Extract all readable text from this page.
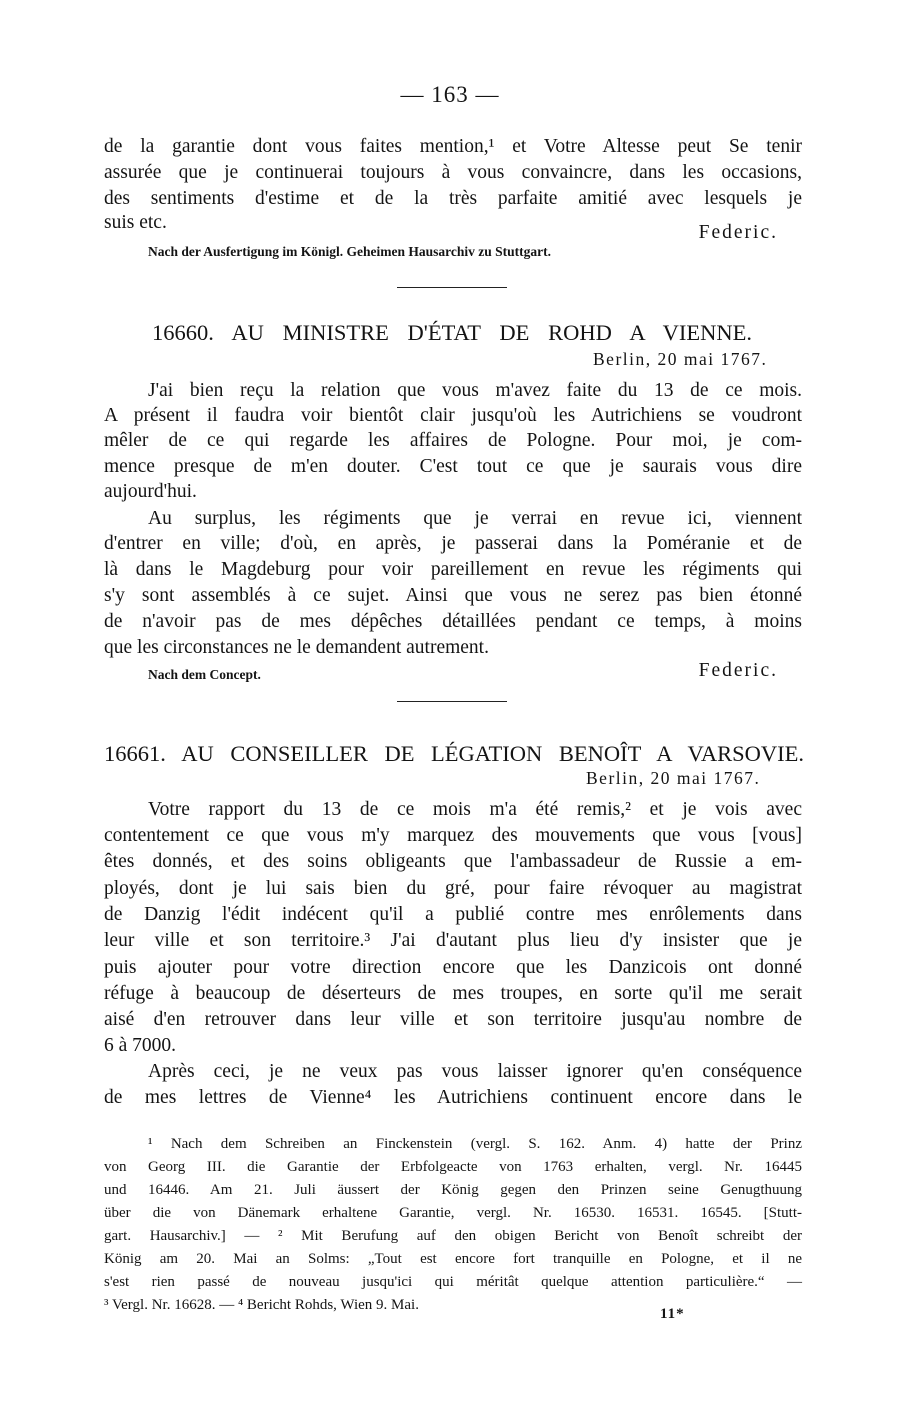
— 163 —
de la garantie dont vous faites mention,¹ et Votre Altesse peut Se tenir
assurée que je continuerai toujours à vous convaincre, dans les occasions,
des sentiments d'estime et de la très parfaite amitié avec lesquels je
suis etc.	Federic.
Nach der Ausfertigung im Königl. Geheimen Hausarchiv zu Stuttgart.
16660. AU MINISTRE D'ÉTAT DE ROHD A VIENNE.
Berlin, 20 mai 1767.
J'ai bien reçu la relation que vous m'avez faite du 13 de ce mois.
A présent il faudra voir bientôt clair jusqu'où les Autrichiens se voudront
mêler de ce qui regarde les affaires de Pologne. Pour moi, je com-
mence presque de m'en douter. C'est tout ce que je saurais vous dire
aujourd'hui.
Au surplus, les régiments que je verrai en revue ici, viennent
d'entrer en ville; d'où, en après, je passerai dans la Poméranie et de
là dans le Magdeburg pour voir pareillement en revue les régiments qui
s'y sont assemblés à ce sujet. Ainsi que vous ne serez pas bien étonné
de n'avoir pas de mes dépêches détaillées pendant ce temps, à moins
que les circonstances ne le demandent autrement.
Nach dem Concept.	Federic.
16661. AU CONSEILLER DE LÉGATION BENOÎT A VARSOVIE.
Berlin, 20 mai 1767.
Votre rapport du 13 de ce mois m'a été remis,² et je vois avec
contentement ce que vous m'y marquez des mouvements que vous [vous]
êtes donnés, et des soins obligeants que l'ambassadeur de Russie a em-
ployés, dont je lui sais bien du gré, pour faire révoquer au magistrat
de Danzig l'édit indécent qu'il a publié contre mes enrôlements dans
leur ville et son territoire.³ J'ai d'autant plus lieu d'y insister que je
puis ajouter pour votre direction encore que les Danzicois ont donné
réfuge à beaucoup de déserteurs de mes troupes, en sorte qu'il me serait
aisé d'en retrouver dans leur ville et son territoire jusqu'au nombre de
6 à 7000.
Après ceci, je ne veux pas vous laisser ignorer qu'en conséquence
de mes lettres de Vienne⁴ les Autrichiens continuent encore dans le
¹ Nach dem Schreiben an Finckenstein (vergl. S. 162. Anm. 4) hatte der Prinz
von Georg III. die Garantie der Erbfolgeacte von 1763 erhalten, vergl. Nr. 16445
und 16446. Am 21. Juli äussert der König gegen den Prinzen seine Genugthuung
über die von Dänemark erhaltene Garantie, vergl. Nr. 16530. 16531. 16545. [Stutt-
gart. Hausarchiv.] — ² Mit Berufung auf den obigen Bericht von Benoît schreibt der
König am 20. Mai an Solms: „Tout est encore fort tranquille en Pologne, et il ne
s'est rien passé de nouveau jusqu'ici qui méritât quelque attention particulière.“ —
³ Vergl. Nr. 16628. — ⁴ Bericht Rohds, Wien 9. Mai.
11*
